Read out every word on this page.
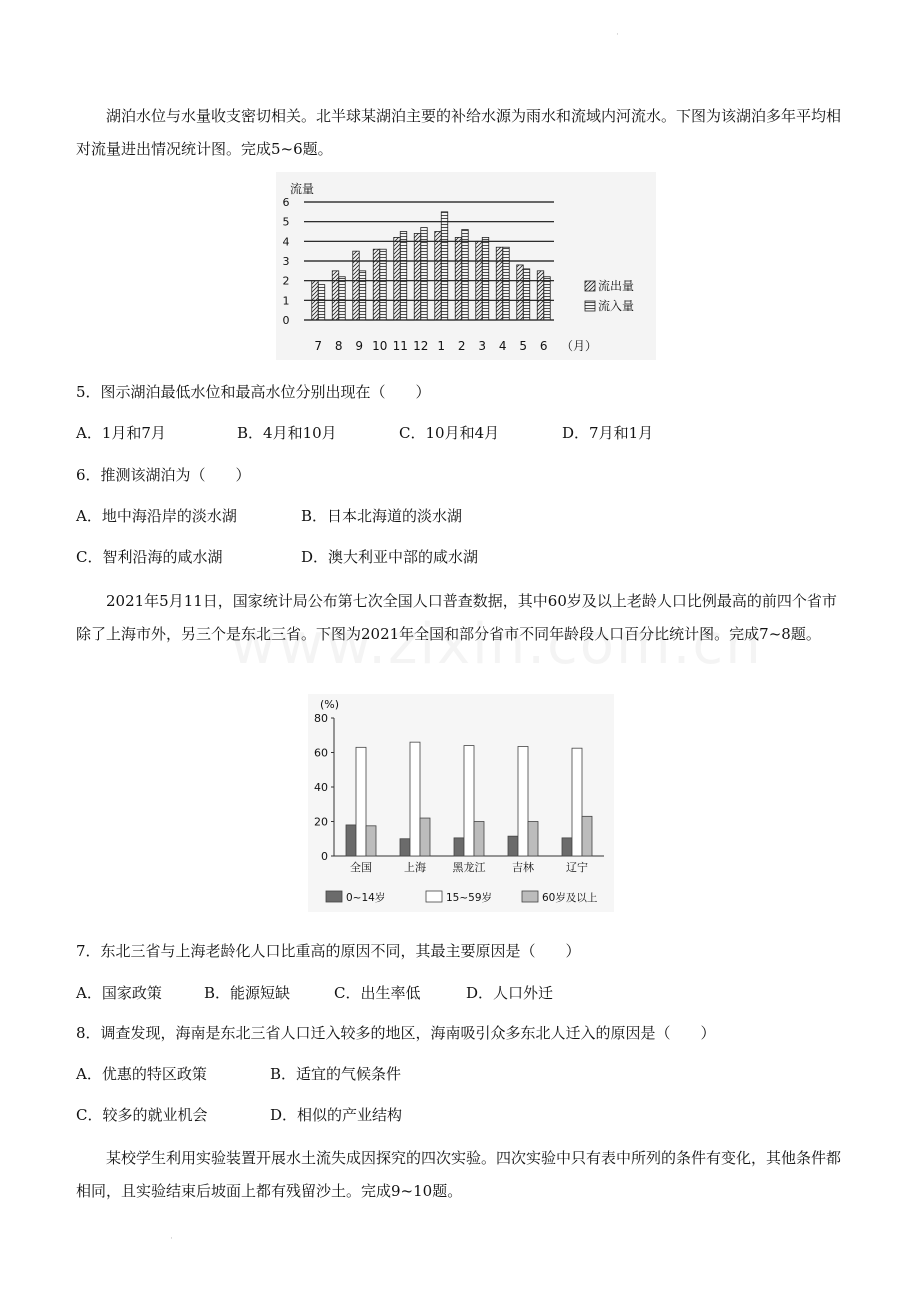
·

湖泊水位与水量收支密切相关。北半球某湖泊主要的补给水源为雨水和流域内河流水。下图为该湖泊多年平均相对流量进出情况统计图。完成5~6题。

流量
0
1
2
3
4
5
6
7 8 9 10 11 12 1 2 3 4 5 6 （月）
流出量
流入量
5．图示湖泊最低水位和最高水位分别出现在（　　）
A．1月和7月	B．4月和10月	C．10月和4月	D．7月和1月
6．推测该湖泊为（　　）
A．地中海沿岸的淡水湖	B．日本北海道的淡水湖
C．智利沿海的咸水湖	D．澳大利亚中部的咸水湖

2021年5月11日，国家统计局公布第七次全国人口普查数据，其中60岁及以上老龄人口比例最高的前四个省市除了上海市外，另三个是东北三省。下图为2021年全国和部分省市不同年龄段人口百分比统计图。完成7~8题。

(%)
0
20
40
60
80
全国	上海 黑龙江 吉林	辽宁
0~14岁	15~59岁	60岁及以上
7．东北三省与上海老龄化人口比重高的原因不同，其最主要原因是（　　）
A．国家政策	B．能源短缺	C．出生率低	D．人口外迁
8．调查发现，海南是东北三省人口迁入较多的地区，海南吸引众多东北人迁入的原因是（　　）
A．优惠的特区政策	B．适宜的气候条件
C．较多的就业机会	D．相似的产业结构

某校学生利用实验装置开展水土流失成因探究的四次实验。四次实验中只有表中所列的条件有变化，其他条件都相同，且实验结束后坡面上都有残留沙土。完成9~10题。

·
